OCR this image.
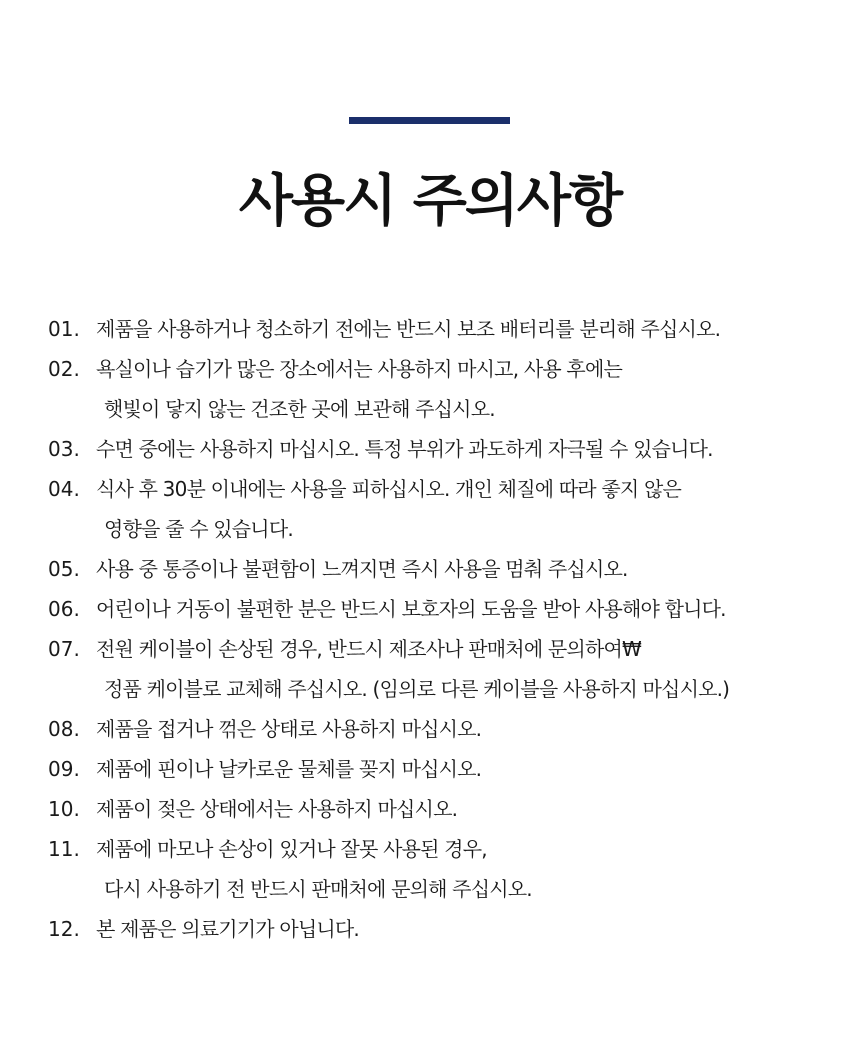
사용시 주의사항
01. 제품을 사용하거나 청소하기 전에는 반드시 보조 배터리를 분리해 주십시오.
02. 욕실이나 습기가 많은 장소에서는 사용하지 마시고, 사용 후에는
햇빛이 닿지 않는 건조한 곳에 보관해 주십시오.
03. 수면 중에는 사용하지 마십시오. 특정 부위가 과도하게 자극될 수 있습니다.
04. 식사 후 30분 이내에는 사용을 피하십시오. 개인 체질에 따라 좋지 않은
영향을 줄 수 있습니다.
05. 사용 중 통증이나 불편함이 느껴지면 즉시 사용을 멈춰 주십시오.
06. 어린이나 거동이 불편한 분은 반드시 보호자의 도움을 받아 사용해야 합니다.
07. 전원 케이블이 손상된 경우, 반드시 제조사나 판매처에 문의하여₩
정품 케이블로 교체해 주십시오. (임의로 다른 케이블을 사용하지 마십시오.)
08. 제품을 접거나 꺾은 상태로 사용하지 마십시오.
09. 제품에 핀이나 날카로운 물체를 꽂지 마십시오.
10. 제품이 젖은 상태에서는 사용하지 마십시오.
11. 제품에 마모나 손상이 있거나 잘못 사용된 경우,
다시 사용하기 전 반드시 판매처에 문의해 주십시오.
12. 본 제품은 의료기기가 아닙니다.
